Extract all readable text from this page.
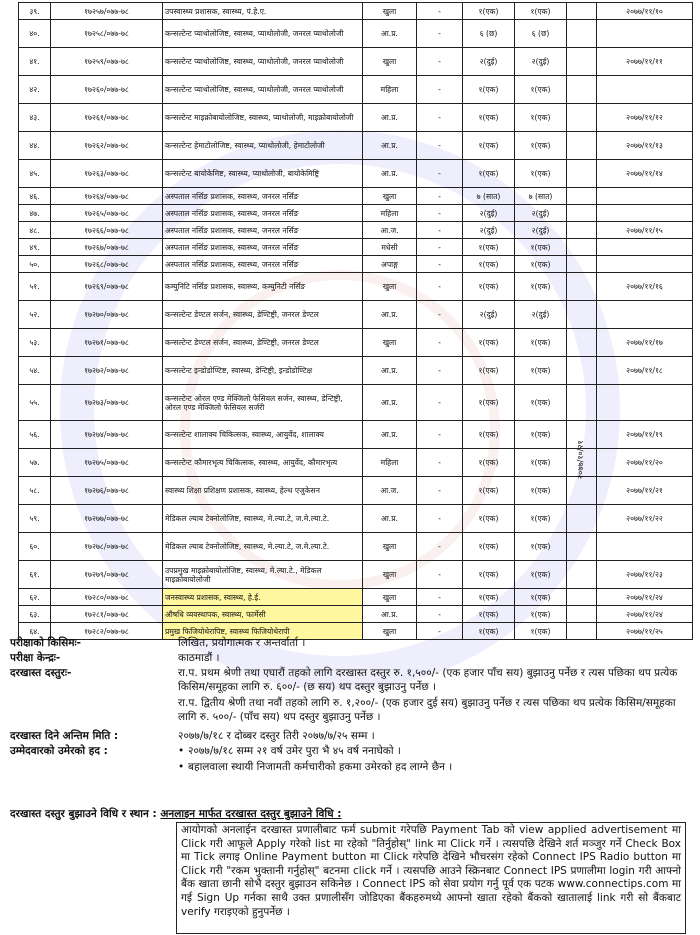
३९.	१७२५७/०७७-७८	उपस्वास्थ्य प्रशासक, स्वास्थ्य, पं.हे.ए.	खुला	-	१(एक)	१(एक)		२०७७/११/१०
४०.	१७२५८/०७७-७८	कन्सल्टेन्ट प्याथोलोजिष्ट, स्वास्थ्य, प्याथोलोजी, जनरल प्याथोलोजी	आ.प्र.	-	६ (छ)	६ (छ)		
४१.	१७२५९/०७७-७८	कन्सल्टेन्ट प्याथोलोजिष्ट, स्वास्थ्य, प्याथोलोजी, जनरल प्याथोलोजी	खुला	-	२(दुई)	२(दुई)		२०७७/११/११
४२.	१७२६०/०७७-७८	कन्सल्टेन्ट प्याथोलोजिष्ट, स्वास्थ्य, प्याथोलोजी, जनरल प्याथोलोजी	महिला	-	१(एक)	१(एक)		
४३.	१७२६१/०७७-७८	कन्सल्टेन्ट माइक्रोबायोलोजिष्ट, स्वास्थ्य, प्याथोलोजी, माइक्रोबायोलोजी	आ.प्र.	-	१(एक)	१(एक)		२०७७/११/१२
४४.	१७२६२/०७७-७८	कन्सल्टेन्ट हेमाटोलोजिष्ट, स्वास्थ्य, प्याथोलोजी, हेमाटोलोजी	आ.प्र.	-	१(एक)	१(एक)		२०७७/११/१३
४५.	१७२६३/०७७-७८	कन्सल्टेन्ट बायोकेमिष्ट, स्वास्थ्य, प्याथोलोजी, बायोकेमिष्ट्रि	आ.प्र.	-	१(एक)	१(एक)		२०७७/११/१४
४६.	१७२६४/०७७-७८	अस्पताल नर्सिङ प्रशासक, स्वास्थ्य, जनरल नर्सिङ	खुला	-	७ (सात)	७ (सात)		
४७.	१७२६५/०७७-७८	अस्पताल नर्सिङ प्रशासक, स्वास्थ्य, जनरल नर्सिङ	महिला	-	२(दुई)	२(दुई)		
४८.	१७२६६/०७७-७८	अस्पताल नर्सिङ प्रशासक, स्वास्थ्य, जनरल नर्सिङ	आ.ज.	-	२(दुई)	२(दुई)		२०७७/११/१५
४९.	१७२६७/०७७-७८	अस्पताल नर्सिङ प्रशासक, स्वास्थ्य, जनरल नर्सिङ	मधेसी	-	१(एक)	१(एक)		
५०.	१७२६८/०७७-७८	अस्पताल नर्सिङ प्रशासक, स्वास्थ्य, जनरल नर्सिङ	अपाङ्ग	-	१(एक)	१(एक)		
५१.	१७२६९/०७७-७८	कम्युनिटि नर्सिङ प्रशासक, स्वास्थ्य, कम्युनिटी नर्सिङ	खुला	-	१(एक)	१(एक)		२०७७/११/१६
५२.	१७२७०/०७७-७८	कन्सल्टेन्ट डेण्टल सर्जन, स्वास्थ्य, डेण्टिष्ट्री, जनरल डेण्टल	आ.प्र.	-	२(दुई)	२(दुई)		
५३.	१७२७१/०७७-७८	कन्सल्टेन्ट डेण्टल सर्जन, स्वास्थ्य, डेण्टिष्ट्री, जनरल डेण्टल	खुला	-	१(एक)	१(एक)		२०७७/११/१७
५४.	१७२७२/०७७-७८	कन्सल्टेन्ट इन्डोडोण्टिष्ट, स्वास्थ्य, डेन्टिष्ट्री, इन्डोडोण्टिक्ष	आ.प्र.	-	१(एक)	१(एक)		२०७७/११/१८
५५.	१७२७३/०७७-७८	कन्सल्टेन्ट ओरल एण्ड मेक्जिलो फेसियल सर्जन, स्वास्थ्य, डेन्टिष्ट्री, ओरल एण्ड मेक्जिलो फेसियल सर्जरी	आ.प्र.	-	१(एक)	१(एक)		
५६.	१७२७४/०७७-७८	कन्सल्टेन्ट शालाक्य चिकित्सक, स्वास्थ्य, आयुर्वेद, शालाक्य	आ.प्र.	-	१(एक)	१(एक)		२०७७/११/१९
५७.	१७२७५/०७७-७८	कन्सल्टेन्ट कौमारभृत्य चिकित्सक, स्वास्थ्य, आयुर्वेद, कौमारभृत्य	महिला	-	१(एक)	१(एक)		२०७७/११/२०
५८.	१७२७६/०७७-७८	स्वास्थ्य शिक्षा प्रशिक्षण प्रशासक, स्वास्थ्य, हेल्थ एजुकेसन	आ.ज.	-	१(एक)	१(एक)		२०७७/११/२१
५९.	१७२७७/०७७-७८	मेडिकल ल्याब टेक्नोलोजिष्ट, स्वास्थ्य, मे.ल्या.टे, ज.मे.ल्या.टे.	आ.प्र.	-	१(एक)	१(एक)		२०७७/११/२२
६०.	१७२७८/०७७-७८	मेडिकल ल्याब टेक्नोलोजिष्ट, स्वास्थ्य, मे.ल्या.टे, ज.मे.ल्या.टे.	खुला	-	१(एक)	१(एक)		
६१.	१७२७९/०७७-७८	उपप्रमुख माइक्रोबायोलोजिष्ट, स्वास्थ्य, मे.ल्या.टे., मेडिकल माइक्रोबायोलोजी	खुला	-	१(एक)	१(एक)		२०७७/११/२३
६२.	१७२८०/०७७-७८	जनस्वास्थ्य प्रशासक, स्वास्थ्य, हे.ई.	खुला	-	१(एक)	१(एक)		२०७७/११/२४
६३.	१७२८१/०७७-७८	औषधि व्यवस्थापक, स्वास्थ्य, फार्मेसी	आ.प्र.	-	१(एक)	१(एक)		२०७७/११/२४
६४.	१७२८२/०७७-७८	प्रमुख फिजियोथेरापिष्ट, स्वास्थ्य फिजियोथेरापी	खुला	-	१(एक)	१(एक)		२०७७/११/२५
२०७७/१०/२१
परीक्षाको किसिमः-	लिखित, प्रयोगात्मक र अन्तर्वार्ता ।
परीक्षा केन्द्रः-	काठमाडौं ।
दरखास्त दस्तुरः-	रा.प. प्रथम श्रेणी तथा एघारौं तहको लागि दरखास्त दस्तुर रु. १,५००/- (एक हजार पाँच सय) बुझाउनु पर्नेछ र त्यस पछिका थप प्रत्येक किसिम/समूहका लागि रु. ६००/- (छ सय) थप दस्तुर बुझाउनु पर्नेछ ।
रा.प. द्वितीय श्रेणी तथा नवौं तहको लागि रु. १,२००/- (एक हजार दुई सय) बुझाउनु पर्नेछ र त्यस पछिका थप प्रत्येक किसिम/समूहका लागि रु. ५००/- (पाँच सय) थप दस्तुर बुझाउनु पर्नेछ ।
दरखास्त दिने अन्तिम मिति :	२०७७/७/१८ र दोब्बर दस्तुर तिरी २०७७/७/२५ सम्म ।
उम्मेदवारको उमेरको हद :	• २०७७/७/१८ सम्म २१ वर्ष उमेर पुरा भै ४५ वर्ष ननाघेको ।
• बहालवाला स्थायी निजामती कर्मचारीको हकमा उमेरको हद लाग्ने छैन ।
दरखास्त दस्तुर बुझाउने विधि र स्थान : अनलाइन मार्फत दरखास्त दस्तुर बुझाउने विधि :
आयोगको अनलाईन दरखास्त प्रणालीबाट फर्म submit गरेपछि Payment Tab को view applied advertisement मा Click गरी आफूले Apply गरेको list मा रहेको "तिर्नुहोस्" link मा Click गर्ने । त्यसपछि देखिने शर्त मञ्जुर गर्ने Check Box मा Tick लगाइ Online Payment button मा Click गरेपछि देखिने भौचरसंग रहेको Connect IPS Radio button मा Click गरी "रकम भुक्तानी गर्नुहोस्" बटनमा click गर्ने । त्यसपछि आउने स्क्रिनबाट Connect IPS प्रणालीमा login गरी आफ्नो बैंक खाता छानी सोभै दस्तुर बुझाउन सकिनेछ । Connect IPS को सेवा प्रयोग गर्नु पूर्व एक पटक www.connectips.com मा गई Sign Up गर्नका साथै उक्त प्रणालीसँग जोडिएका बैंकहरुमध्ये आफ्नो खाता रहेको बैंकको खातालाई link गरी सो बैंकबाट verify गराइएको हुनुपर्नेछ ।
